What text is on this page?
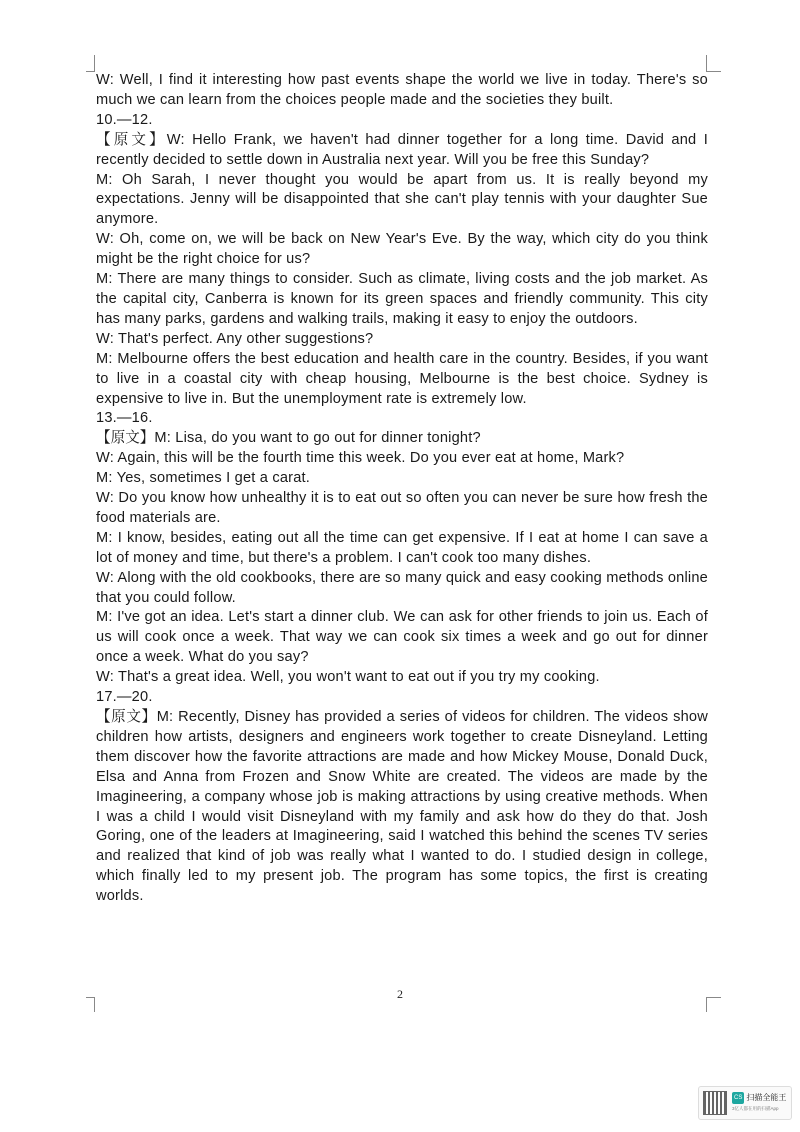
W: Well, I find it interesting how past events shape the world we live in today. There's so much we can learn from the choices people made and the societies they built.

10.—12.

【原文】W: Hello Frank, we haven't had dinner together for a long time. David and I recently decided to settle down in Australia next year. Will you be free this Sunday?

M: Oh Sarah, I never thought you would be apart from us. It is really beyond my expectations. Jenny will be disappointed that she can't play tennis with your daughter Sue anymore.

W: Oh, come on, we will be back on New Year's Eve. By the way, which city do you think might be the right choice for us?

M: There are many things to consider. Such as climate, living costs and the job market. As the capital city, Canberra is known for its green spaces and friendly community. This city has many parks, gardens and walking trails, making it easy to enjoy the outdoors.

W: That's perfect. Any other suggestions?

M: Melbourne offers the best education and health care in the country. Besides, if you want to live in a coastal city with cheap housing, Melbourne is the best choice. Sydney is expensive to live in. But the unemployment rate is extremely low.

13.—16.

【原文】M: Lisa, do you want to go out for dinner tonight?

W: Again, this will be the fourth time this week. Do you ever eat at home, Mark?

M: Yes, sometimes I get a carat.

W: Do you know how unhealthy it is to eat out so often you can never be sure how fresh the food materials are.

M: I know, besides, eating out all the time can get expensive. If I eat at home I can save a lot of money and time, but there's a problem. I can't cook too many dishes.

W: Along with the old cookbooks, there are so many quick and easy cooking methods online that you could follow.

M: I've got an idea. Let's start a dinner club. We can ask for other friends to join us. Each of us will cook once a week. That way we can cook six times a week and go out for dinner once a week. What do you say?

W: That's a great idea. Well, you won't want to eat out if you try my cooking.

17.—20.

【原文】M: Recently, Disney has provided a series of videos for children. The videos show children how artists, designers and engineers work together to create Disneyland. Letting them discover how the favorite attractions are made and how Mickey Mouse, Donald Duck, Elsa and Anna from Frozen and Snow White are created. The videos are made by the Imagineering, a company whose job is making attractions by using creative methods. When I was a child I would visit Disneyland with my family and ask how do they do that. Josh Goring, one of the leaders at Imagineering, said I watched this behind the scenes TV series and realized that kind of job was really what I wanted to do. I studied design in college, which finally led to my present job. The program has some topics, the first is creating worlds.

2
CS 扫描全能王
3亿人都在用的扫描App
